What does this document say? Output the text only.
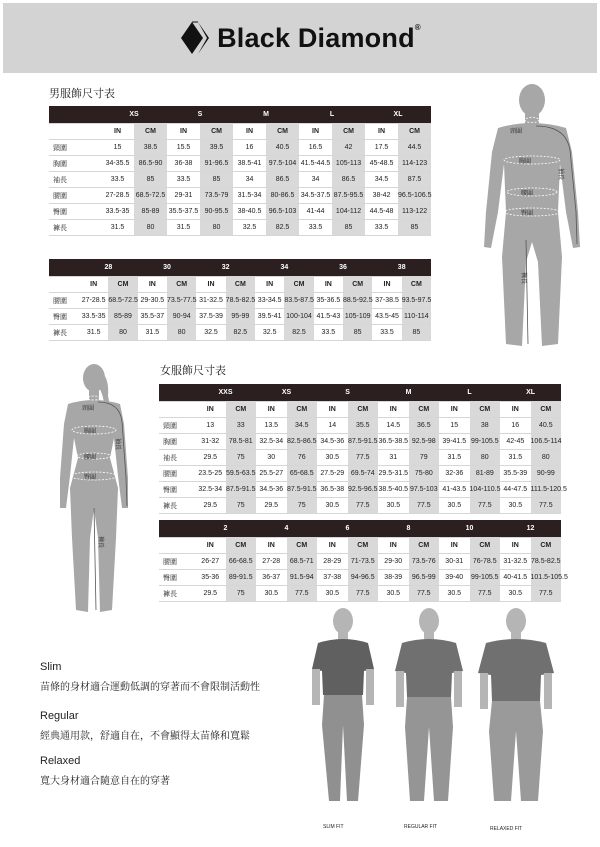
Black Diamond®
男服飾尺寸表
	XS		S		M		L		XL	
	IN	CM	IN	CM	IN	CM	IN	CM	IN	CM
頸圍	15	38.5	15.5	39.5	16	40.5	16.5	42	17.5	44.5
胸圍	34-35.5	86.5-90	36-38	91-96.5	38.5-41	97.5-104	41.5-44.5	105-113	45-48.5	114-123
袖長	33.5	85	33.5	85	34	86.5	34	86.5	34.5	87.5
腰圍	27-28.5	68.5-72.5	29-31	73.5-79	31.5-34	80-86.5	34.5-37.5	87.5-95.5	38-42	96.5-106.5
臀圍	33.5-35	85-89	35.5-37.5	90-95.5	38-40.5	96.5-103	41-44	104-112	44.5-48	113-122
褲長	31.5	80	31.5	80	32.5	82.5	33.5	85	33.5	85
	28		30		32		34		36		38	
	IN	CM	IN	CM	IN	CM	IN	CM	IN	CM	IN	CM
腰圍	27-28.5	68.5-72.5	29-30.5	73.5-77.5	31-32.5	78.5-82.5	33-34.5	83.5-87.5	35-36.5	88.5-92.5	37-38.5	93.5-97.5
臀圍	33.5-35	85-89	35.5-37	90-94	37.5-39	95-99	39.5-41	100-104	41.5-43	105-109	43.5-45	110-114
褲長	31.5	80	31.5	80	32.5	82.5	32.5	82.5	33.5	85	33.5	85
女服飾尺寸表
	XXS		XS		S		M		L		XL	
	IN	CM	IN	CM	IN	CM	IN	CM	IN	CM	IN	CM
頸圍	13	33	13.5	34.5	14	35.5	14.5	36.5	15	38	16	40.5
胸圍	31-32	78.5-81	32.5-34	82.5-86.5	34.5-36	87.5-91.5	36.5-38.5	92.5-98	39-41.5	99-105.5	42-45	106.5-114
袖長	29.5	75	30	76	30.5	77.5	31	79	31.5	80	31.5	80
腰圍	23.5-25	59.5-63.5	25.5-27	65-68.5	27.5-29	69.5-74	29.5-31.5	75-80	32-36	81-89	35.5-39	90-99
臀圍	32.5-34	87.5-91.5	34.5-36	87.5-91.5	36.5-38	92.5-96.5	38.5-40.5	97.5-103	41-43.5	104-110.5	44-47.5	111.5-120.5
褲長	29.5	75	29.5	75	30.5	77.5	30.5	77.5	30.5	77.5	30.5	77.5
	2		4		6		8		10		12	
	IN	CM	IN	CM	IN	CM	IN	CM	IN	CM	IN	CM
腰圍	26-27	66-68.5	27-28	68.5-71	28-29	71-73.5	29-30	73.5-76	30-31	76-78.5	31-32.5	78.5-82.5
臀圍	35-36	89-91.5	36-37	91.5-94	37-38	94-96.5	38-39	96.5-99	39-40	99-105.5	40-41.5	101.5-105.5
褲長	29.5	75	30.5	77.5	30.5	77.5	30.5	77.5	30.5	77.5	30.5	77.5
頸圍
胸圍
腰圍
臀圍
袖長
褲長
頸圍
胸圍
腰圍
臀圍
袖長
褲長
Slim
苗條的身材適合運動低調的穿著而不會限制活動性
Regular
經典通用款，舒適自在，不會顯得太苗條和寬鬆
Relaxed
寬大身材適合隨意自在的穿著
SLIM FIT	REGULAR FIT	RELAXED FIT
